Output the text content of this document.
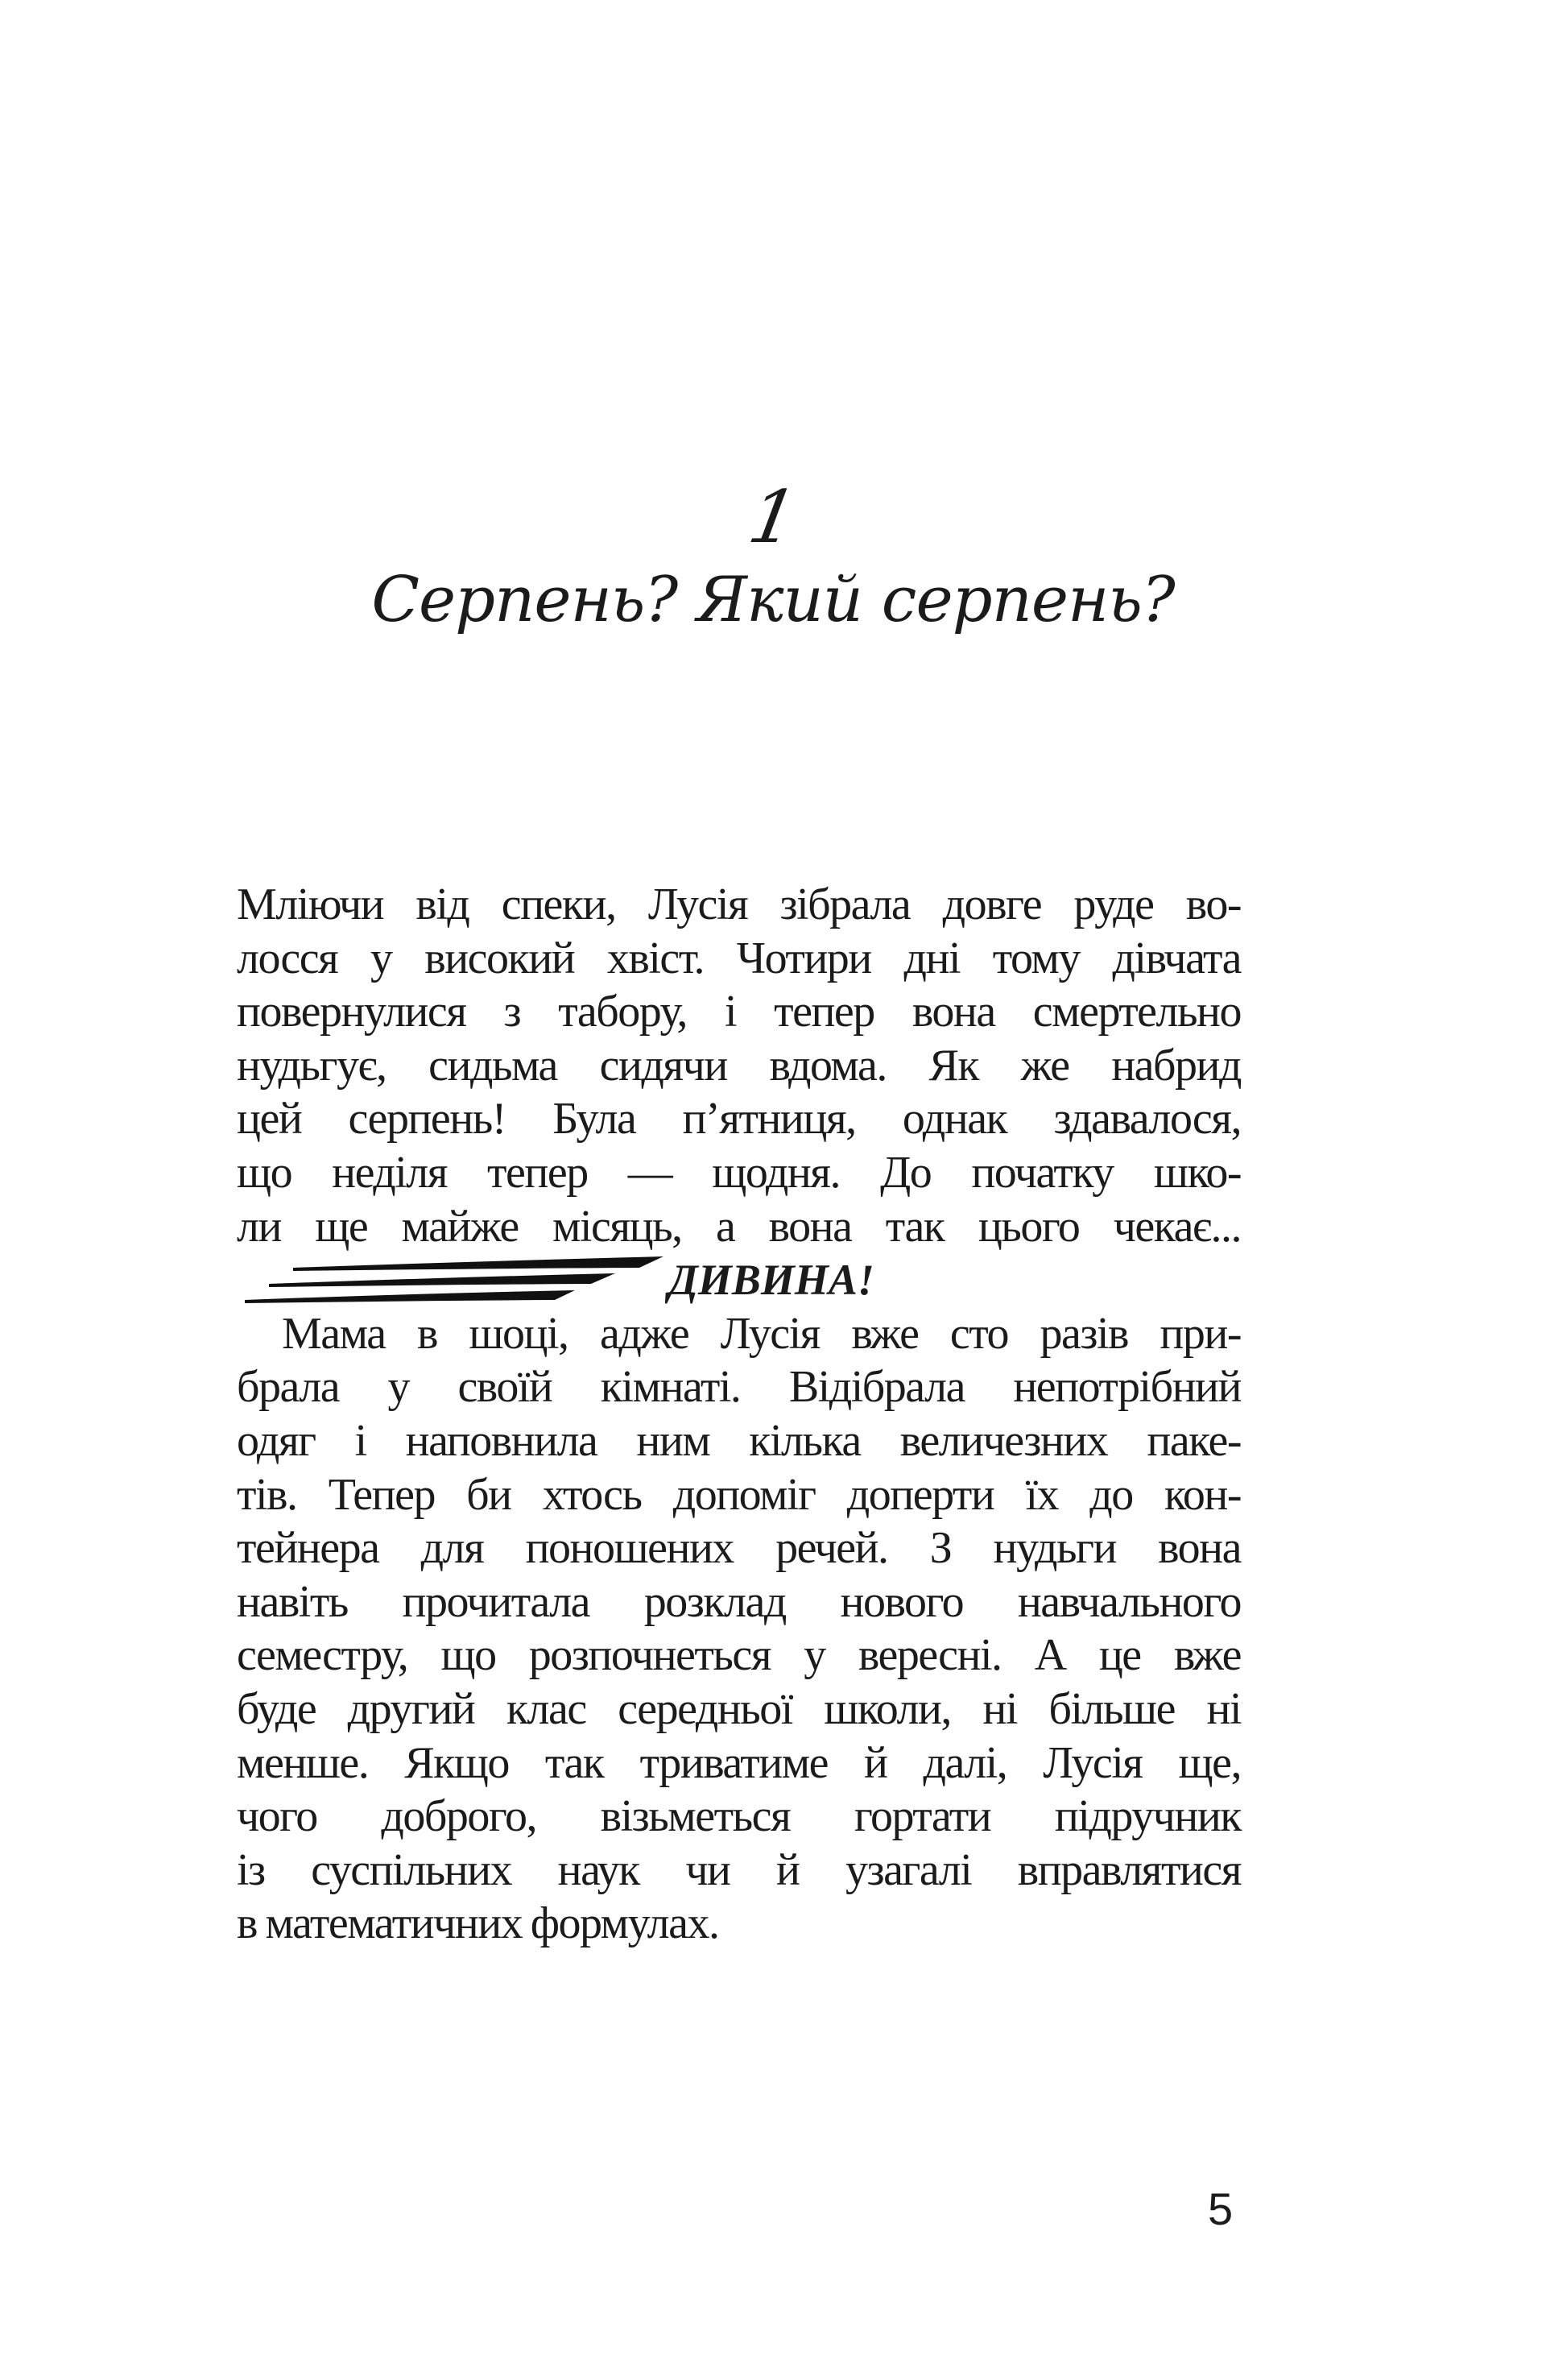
1
Серпень? Який серпень?
Мліючи від спеки, Лусія зібрала довге руде во-
лосся у високий хвіст. Чотири дні тому дівчата
повернулися з табору, і тепер вона смертельно
нудьгує, сидьма сидячи вдома. Як же набрид
цей серпень! Була п’ятниця, однак здавалося,
що неділя тепер — щодня. До початку шко-
ли ще майже місяць, а вона так цього чекає...
ДИВИНА!
Мама в шоці, адже Лусія вже сто разів при-
брала у своїй кімнаті. Відібрала непотрібний
одяг і наповнила ним кілька величезних паке-
тів. Тепер би хтось допоміг доперти їх до кон-
тейнера для поношених речей. З нудьги вона
навіть прочитала розклад нового навчального
семестру, що розпочнеться у вересні. А це вже
буде другий клас середньої школи, ні більше ні
менше. Якщо так триватиме й далі, Лусія ще,
чого доброго, візьметься гортати підручник
із суспільних наук чи й узагалі вправлятися
в математичних формулах.
5
